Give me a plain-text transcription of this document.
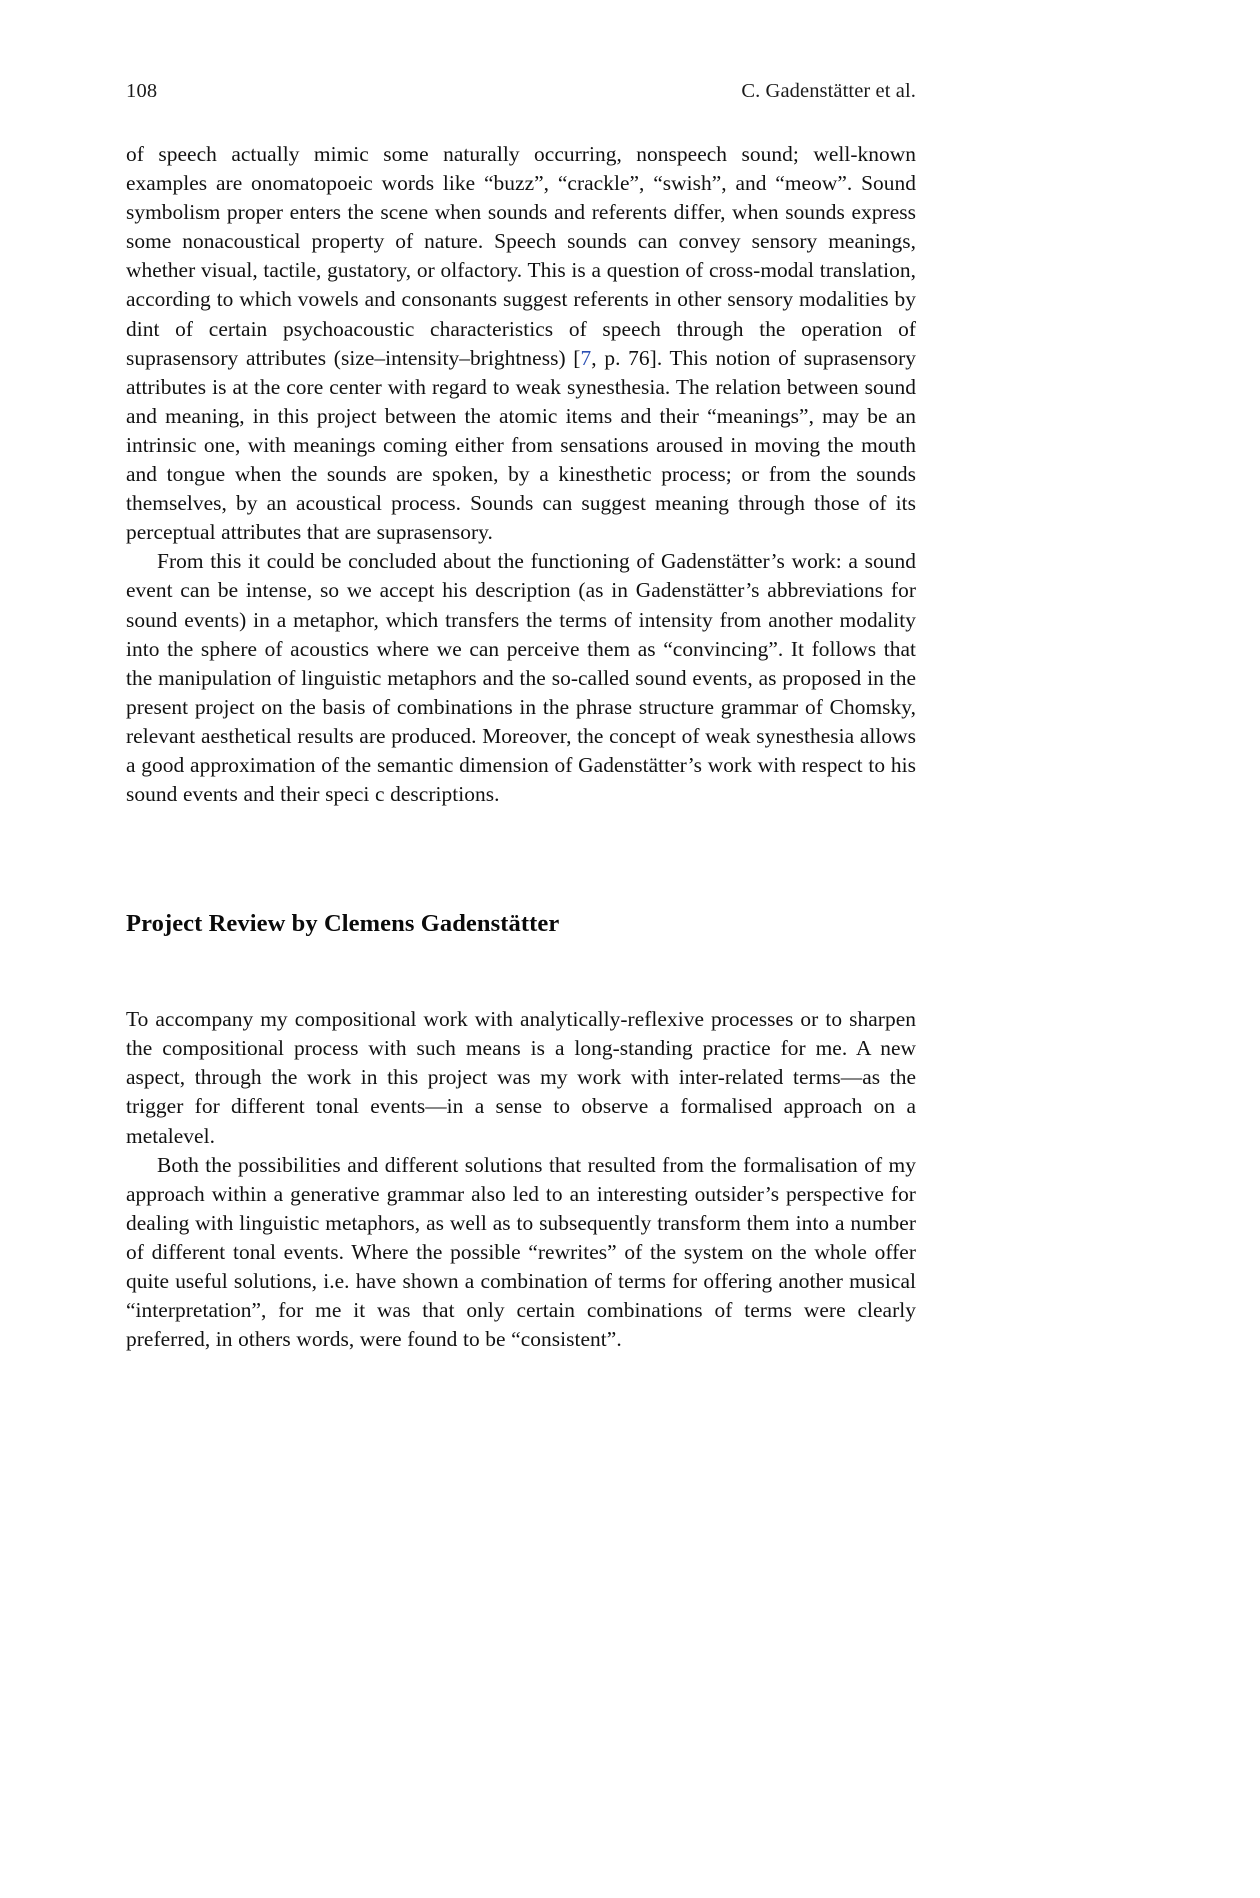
108	C. Gadenstätter et al.

of speech actually mimic some naturally occurring, nonspeech sound; well-known examples are onomatopoeic words like “buzz”, “crackle”, “swish”, and “meow”. Sound symbolism proper enters the scene when sounds and referents differ, when sounds express some nonacoustical property of nature. Speech sounds can convey sensory meanings, whether visual, tactile, gustatory, or olfactory. This is a question of cross-modal translation, according to which vowels and consonants suggest referents in other sensory modalities by dint of certain psychoacoustic characteristics of speech through the operation of suprasensory attributes (size–intensity–brightness) [7, p. 76]. This notion of suprasensory attributes is at the core center with regard to weak synesthesia. The relation between sound and meaning, in this project between the atomic items and their “meanings”, may be an intrinsic one, with meanings coming either from sensations aroused in moving the mouth and tongue when the sounds are spoken, by a kinesthetic process; or from the sounds themselves, by an acoustical process. Sounds can suggest meaning through those of its perceptual attributes that are suprasensory.

From this it could be concluded about the functioning of Gadenstätter’s work: a sound event can be intense, so we accept his description (as in Gadenstätter’s abbreviations for sound events) in a metaphor, which transfers the terms of intensity from another modality into the sphere of acoustics where we can perceive them as “convincing”. It follows that the manipulation of linguistic metaphors and the so-called sound events, as proposed in the present project on the basis of combinations in the phrase structure grammar of Chomsky, relevant aesthetical results are produced. Moreover, the concept of weak synesthesia allows a good approximation of the semantic dimension of Gadenstätter’s work with respect to his sound events and their speci c descriptions.

Project Review by Clemens Gadenstätter

To accompany my compositional work with analytically-reflexive processes or to sharpen the compositional process with such means is a long-standing practice for me. A new aspect, through the work in this project was my work with inter-related terms—as the trigger for different tonal events—in a sense to observe a formalised approach on a metalevel.

Both the possibilities and different solutions that resulted from the formalisation of my approach within a generative grammar also led to an interesting outsider’s perspective for dealing with linguistic metaphors, as well as to subsequently transform them into a number of different tonal events. Where the possible “rewrites” of the system on the whole offer quite useful solutions, i.e. have shown a combination of terms for offering another musical “interpretation”, for me it was that only certain combinations of terms were clearly preferred, in others words, were found to be “consistent”.
